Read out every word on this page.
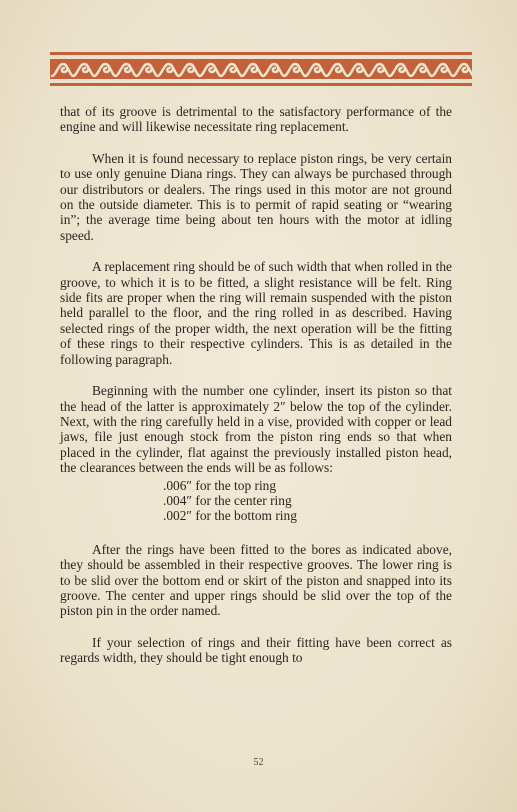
that of its groove is detrimental to the satisfactory performance of the engine and will likewise necessitate ring replacement.

When it is found necessary to replace piston rings, be very certain to use only genuine Diana rings. They can always be purchased through our distributors or dealers. The rings used in this motor are not ground on the outside diameter. This is to permit of rapid seating or “wearing in”; the average time being about ten hours with the motor at idling speed.

A replacement ring should be of such width that when rolled in the groove, to which it is to be fitted, a slight resistance will be felt. Ring side fits are proper when the ring will remain suspended with the piston held parallel to the floor, and the ring rolled in as described. Having selected rings of the proper width, the next operation will be the fitting of these rings to their respective cylinders. This is as detailed in the following paragraph.

Beginning with the number one cylinder, insert its piston so that the head of the latter is approximately 2″ below the top of the cylinder. Next, with the ring carefully held in a vise, provided with copper or lead jaws, file just enough stock from the piston ring ends so that when placed in the cylinder, flat against the previously installed piston head, the clearances between the ends will be as follows:

.006″ for the top ring
.004″ for the center ring
.002″ for the bottom ring

After the rings have been fitted to the bores as indicated above, they should be assembled in their respective grooves. The lower ring is to be slid over the bottom end or skirt of the piston and snapped into its groove. The center and upper rings should be slid over the top of the piston pin in the order named.

If your selection of rings and their fitting have been correct as regards width, they should be tight enough to

52
